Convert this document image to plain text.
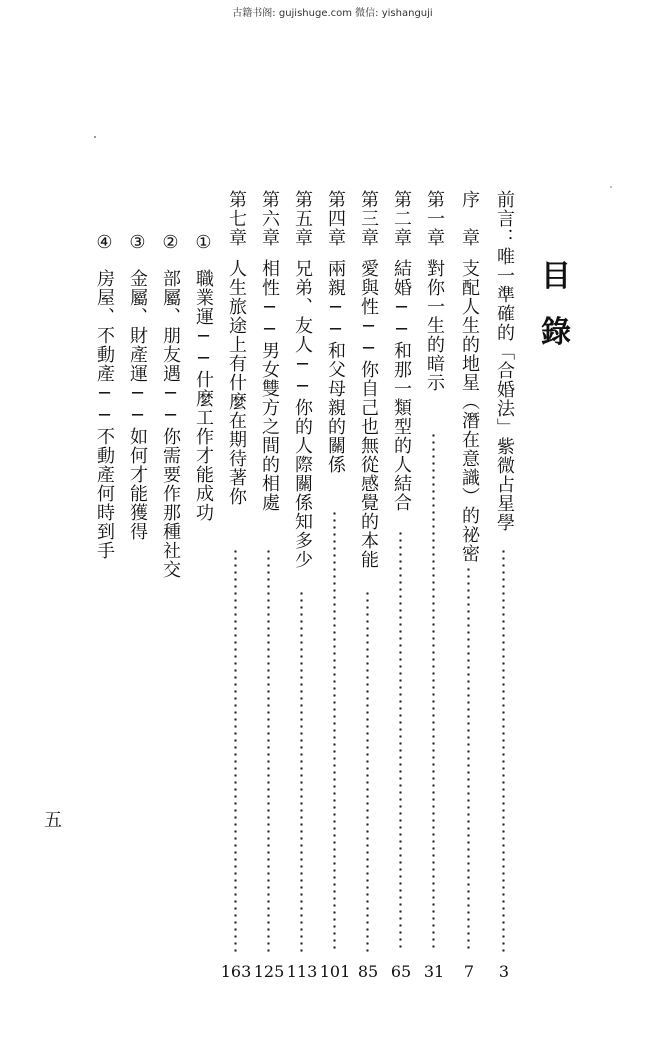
古籍书阁: gujishuge.com 微信: yishanguji
目
錄
前言：唯一準確的「合婚法」紫微占星學
3
序　章支配人生的地星（潛在意識）的祕密
7
第一章對你一生的暗示
31
第二章結婚──和那一類型的人結合
65
第三章愛與性──你自己也無從感覺的本能
85
第四章兩親──和父母親的關係
101
第五章兄弟、友人──你的人際關係知多少
113
第六章相性──男女雙方之間的相處
125
第七章人生旅途上有什麼在期待著你
163
①職業運──什麼工作才能成功
②部屬、朋友遇──你需要作那種社交
③金屬、財產運──如何才能獲得
④房屋、不動產──不動產何時到手
五
